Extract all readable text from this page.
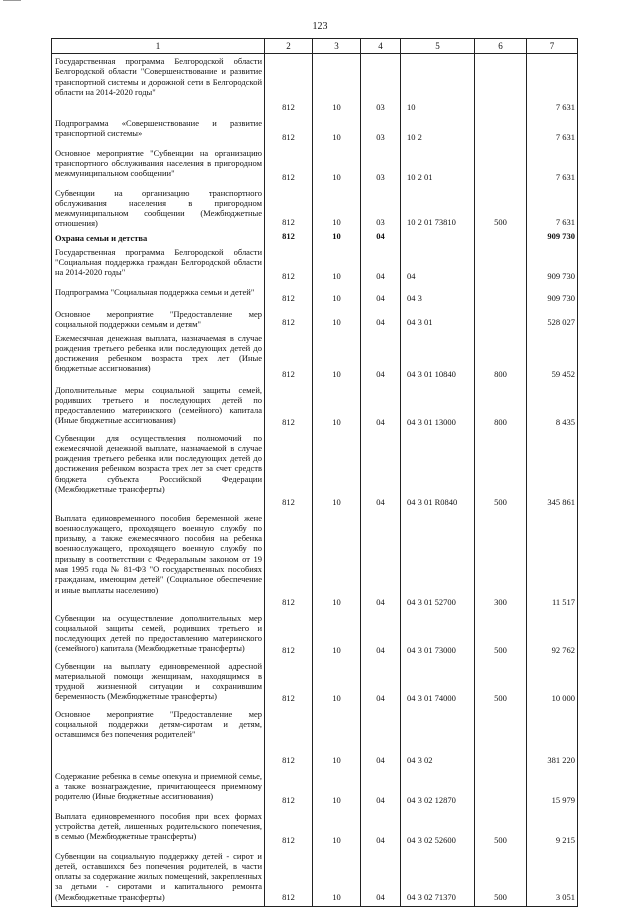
123
1	2	3	4	5	6	7
Государственная программа Белгородской области Белгородской области "Совершенствование и развитие транспортной системы и дорожной сети в Белгородской области на 2014-2020 годы"	812	10	03	10		7 631
Подпрограмма «Совершенствование и развитие транспортной системы»	812	10	03	10 2		7 631
Основное мероприятие "Субвенции на организацию транспортного обслуживания населения в пригородном межмуниципальном сообщении"	812	10	03	10 2 01		7 631
Субвенции на организацию транспортного обслуживания населения в пригородном межмуниципальном сообщении (Межбюджетные отношения)	812	10	03	10 2 01 73810	500	7 631
Охрана семьи и детства	812	10	04			909 730
Государственная программа Белгородской области "Социальная поддержка граждан Белгородской области на 2014-2020 годы"	812	10	04	04		909 730
Подпрограмма "Социальная поддержка семьи и детей"	812	10	04	04 3		909 730
Основное мероприятие "Предоставление мер социальной поддержки семьям и детям"	812	10	04	04 3 01		528 027
Ежемесячная денежная выплата, назначаемая в случае рождения третьего ребенка или последующих детей до достижения ребенком возраста трех лет (Иные бюджетные ассигнования)	812	10	04	04 3 01 10840	800	59 452
Дополнительные меры социальной защиты семей, родивших третьего и последующих детей по предоставлению материнского (семейного) капитала (Иные бюджетные ассигнования)	812	10	04	04 3 01 13000	800	8 435
Субвенции для осуществления полномочий по ежемесячной денежной выплате, назначаемой в случае рождения третьего ребенка или последующих детей до достижения ребенком возраста трех лет за счет средств бюджета субъекта Российской Федерации (Межбюджетные трансферты)	812	10	04	04 3 01 R0840	500	345 861
Выплата единовременного пособия беременной жене военнослужащего, проходящего военную службу по призыву, а также ежемесячного пособия на ребенка военнослужащего, проходящего военную службу по призыву в соответствии с Федеральным законом от 19 мая 1995 года № 81-ФЗ "О государственных пособиях гражданам, имеющим детей" (Социальное обеспечение и иные выплаты населению)	812	10	04	04 3 01 52700	300	11 517
Субвенции на осуществление дополнительных мер социальной защиты семей, родивших третьего и последующих детей по предоставлению материнского (семейного) капитала (Межбюджетные трансферты)	812	10	04	04 3 01 73000	500	92 762
Субвенции на выплату единовременной адресной материальной помощи женщинам, находящимся в трудной жизненной ситуации и сохранившим беременность (Межбюджетные трансферты)	812	10	04	04 3 01 74000	500	10 000
Основное мероприятие "Предоставление мер социальной поддержки детям-сиротам и детям, оставшимся без попечения родителей"	812	10	04	04 3 02		381 220
Содержание ребенка в семье опекуна и приемной семье, а также вознаграждение, причитающееся приемному родителю (Иные бюджетные ассигнования)	812	10	04	04 3 02 12870		15 979
Выплата единовременного пособия при всех формах устройства детей, лишенных родительского попечения, в семью (Межбюджетные трансферты)	812	10	04	04 3 02 52600	500	9 215
Субвенции на социальную поддержку детей - сирот и детей, оставшихся без попечения родителей, в части оплаты за содержание жилых помещений, закрепленных за детьми - сиротами и капитального ремонта (Межбюджетные трансферты)	812	10	04	04 3 02 71370	500	3 051
